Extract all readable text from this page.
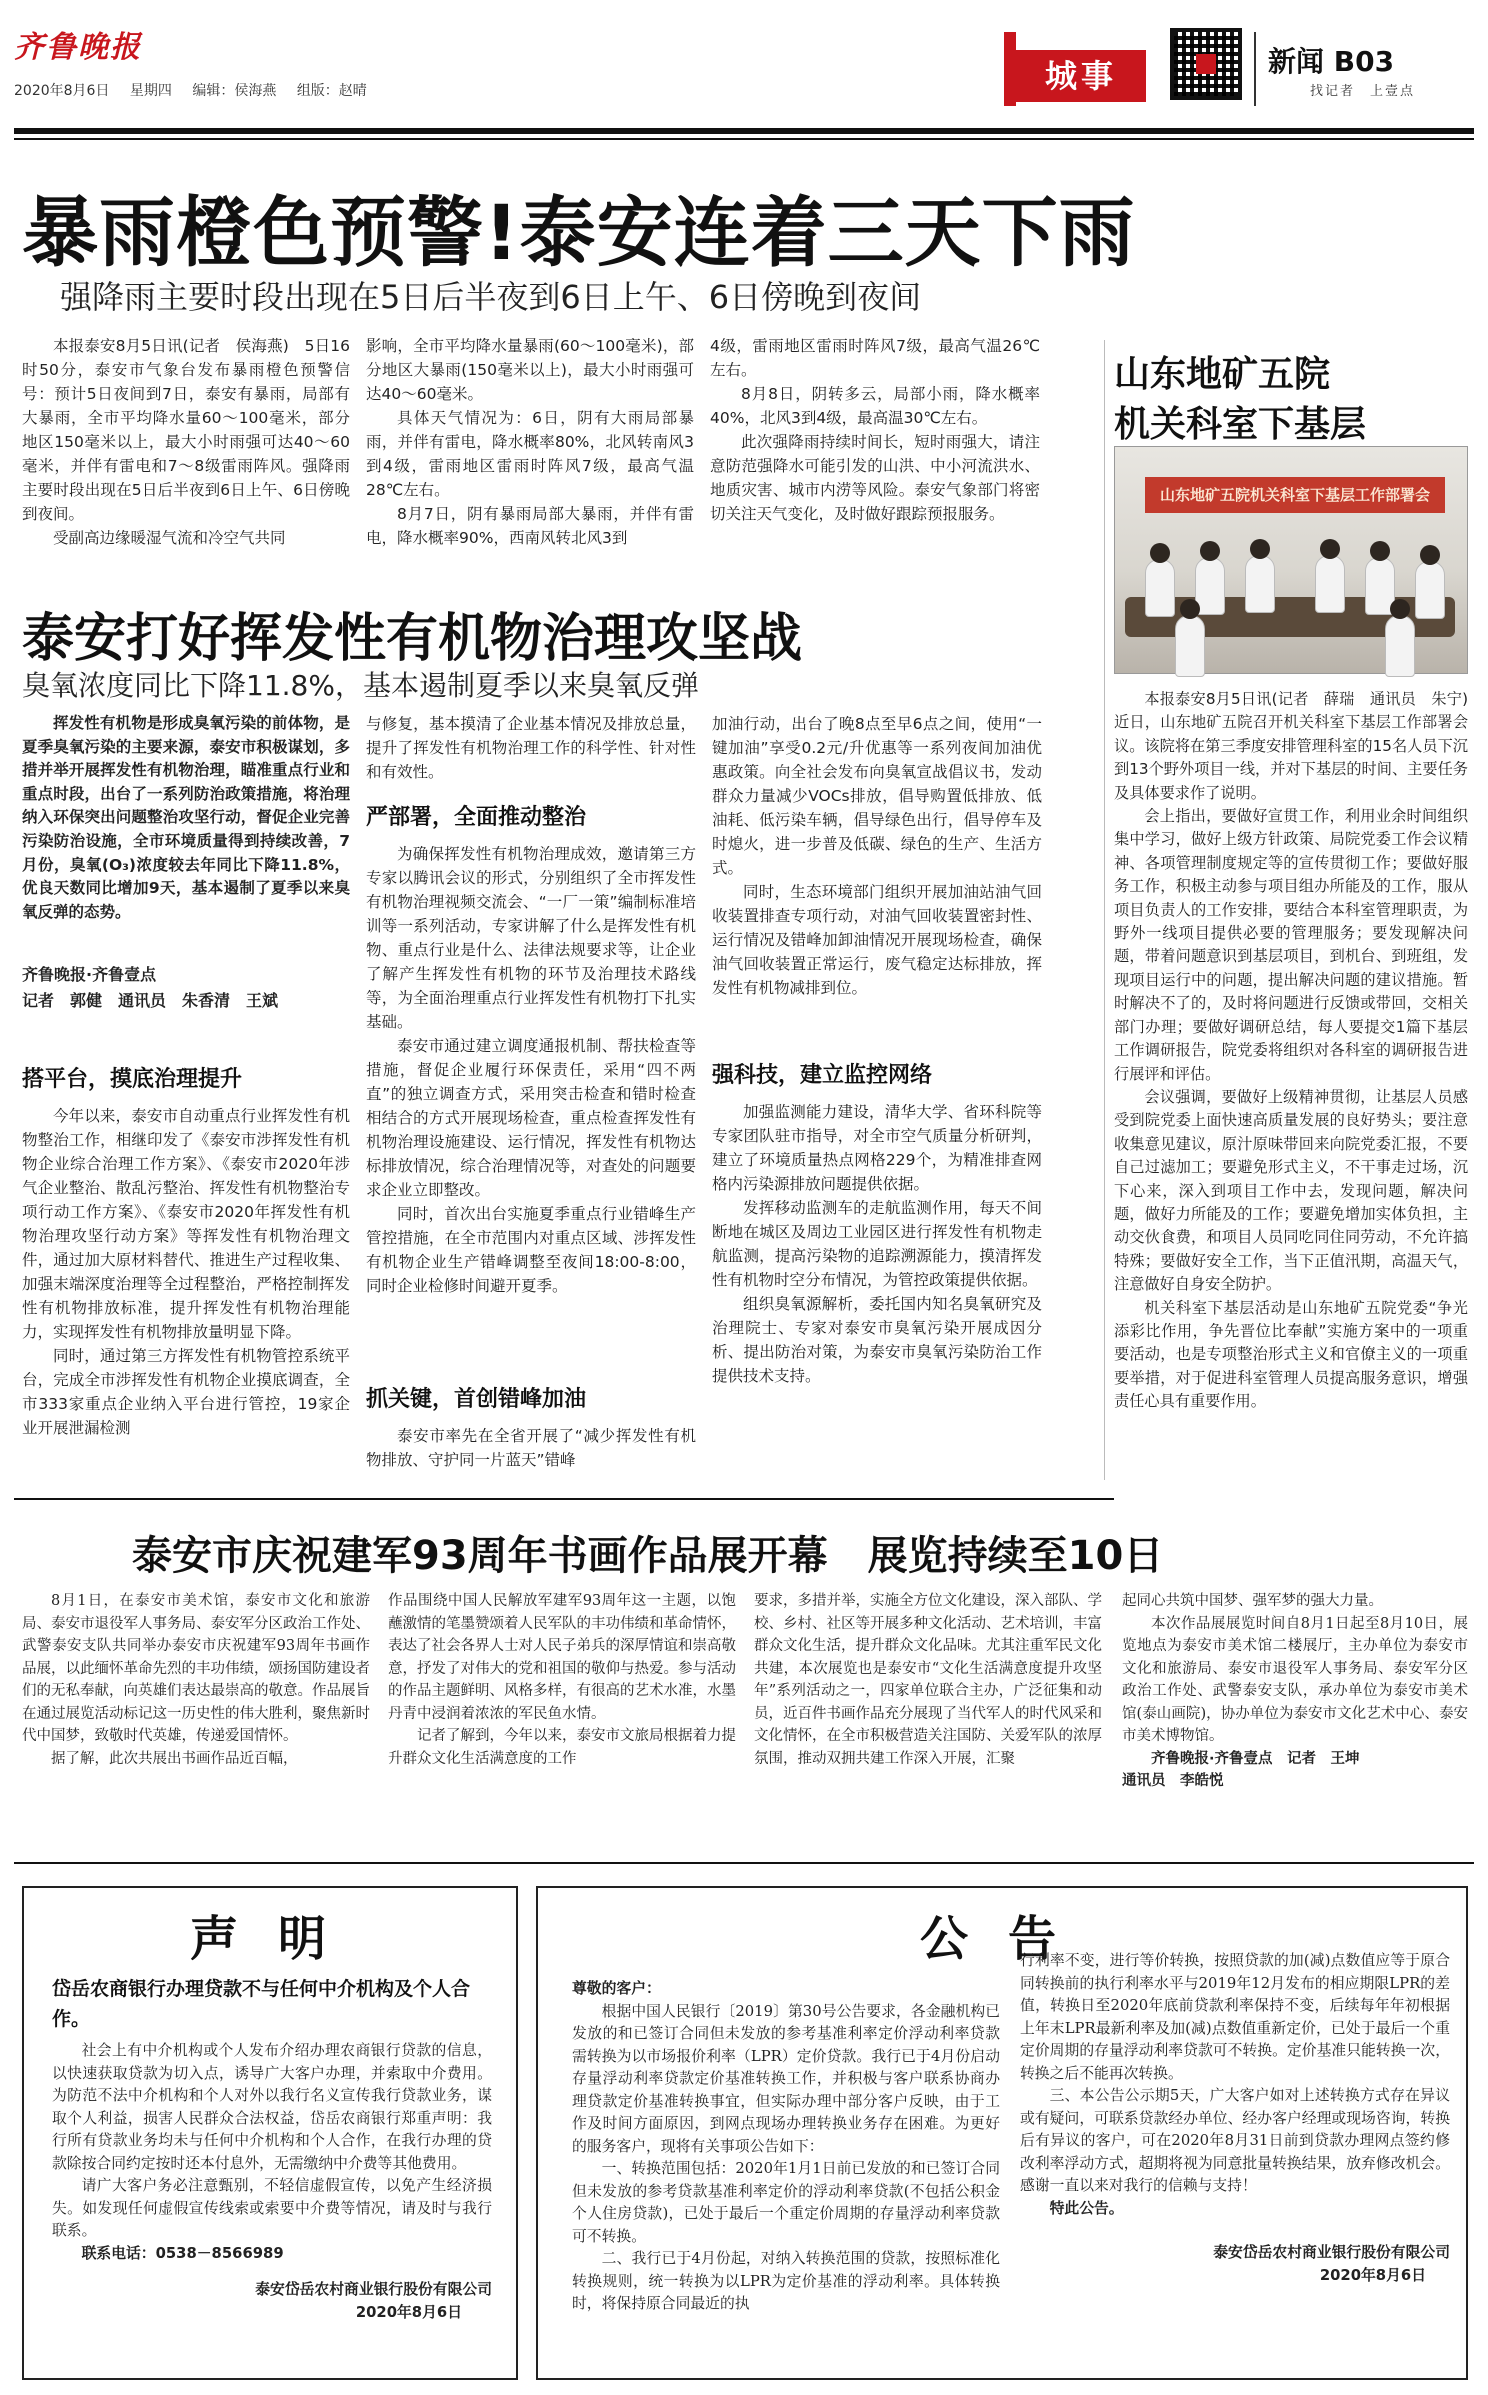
齐鲁晚报
2020年8月6日 星期四 编辑：侯海燕 组版：赵晴	城事	新闻 B03
找记者　上壹点
暴雨橙色预警!泰安连着三天下雨
强降雨主要时段出现在5日后半夜到6日上午、6日傍晚到夜间

本报泰安8月5日讯(记者　侯海燕)　5日16时50分，泰安市气象台发布暴雨橙色预警信号：预计5日夜间到7日，泰安有暴雨，局部有大暴雨，全市平均降水量60～100毫米，部分地区150毫米以上，最大小时雨强可达40～60毫米，并伴有雷电和7～8级雷雨阵风。强降雨主要时段出现在5日后半夜到6日上午、6日傍晚到夜间。

受副高边缘暖湿气流和冷空气共同

影响，全市平均降水量暴雨(60～100毫米)，部分地区大暴雨(150毫米以上)，最大小时雨强可达40～60毫米。

具体天气情况为：6日，阴有大雨局部暴雨，并伴有雷电，降水概率80%，北风转南风3到4级，雷雨地区雷雨时阵风7级，最高气温28℃左右。

8月7日，阴有暴雨局部大暴雨，并伴有雷电，降水概率90%，西南风转北风3到

4级，雷雨地区雷雨时阵风7级，最高气温26℃左右。

8月8日，阴转多云，局部小雨，降水概率40%，北风3到4级，最高温30℃左右。

此次强降雨持续时间长，短时雨强大，请注意防范强降水可能引发的山洪、中小河流洪水、地质灾害、城市内涝等风险。泰安气象部门将密切关注天气变化，及时做好跟踪预报服务。

山东地矿五院
机关科室下基层
山东地矿五院机关科室下基层工作部署会

本报泰安8月5日讯(记者　薛瑞　通讯员　朱宁)　近日，山东地矿五院召开机关科室下基层工作部署会议。该院将在第三季度安排管理科室的15名人员下沉到13个野外项目一线，并对下基层的时间、主要任务及具体要求作了说明。

会上指出，要做好宣贯工作，利用业余时间组织集中学习，做好上级方针政策、局院党委工作会议精神、各项管理制度规定等的宣传贯彻工作；要做好服务工作，积极主动参与项目组办所能及的工作，服从项目负责人的工作安排，要结合本科室管理职责，为野外一线项目提供必要的管理服务；要发现解决问题，带着问题意识到基层项目，到机台、到班组，发现项目运行中的问题，提出解决问题的建议措施。暂时解决不了的，及时将问题进行反馈或带回，交相关部门办理；要做好调研总结，每人要提交1篇下基层工作调研报告，院党委将组织对各科室的调研报告进行展评和评估。

会议强调，要做好上级精神贯彻，让基层人员感受到院党委上面快速高质量发展的良好势头；要注意收集意见建议，原汁原味带回来向院党委汇报，不要自己过滤加工；要避免形式主义，不干事走过场，沉下心来，深入到项目工作中去，发现问题，解决问题，做好力所能及的工作；要避免增加实体负担，主动交伙食费，和项目人员同吃同住同劳动，不允许搞特殊；要做好安全工作，当下正值汛期，高温天气，注意做好自身安全防护。

机关科室下基层活动是山东地矿五院党委“争光添彩比作用，争先晋位比奉献”实施方案中的一项重要活动，也是专项整治形式主义和官僚主义的一项重要举措，对于促进科室管理人员提高服务意识，增强责任心具有重要作用。

泰安打好挥发性有机物治理攻坚战
臭氧浓度同比下降11.8%，基本遏制夏季以来臭氧反弹

挥发性有机物是形成臭氧污染的前体物，是夏季臭氧污染的主要来源，泰安市积极谋划，多措并举开展挥发性有机物治理，瞄准重点行业和重点时段，出台了一系列防治政策措施，将治理纳入环保突出问题整治攻坚行动，督促企业完善污染防治设施，全市环境质量得到持续改善，7月份，臭氧(O₃)浓度较去年同比下降11.8%，优良天数同比增加9天，基本遏制了夏季以来臭氧反弹的态势。

齐鲁晚报·齐鲁壹点
记者　郭健　通讯员　朱香清　王斌
搭平台，摸底治理提升

今年以来，泰安市自动重点行业挥发性有机物整治工作，相继印发了《泰安市涉挥发性有机物企业综合治理工作方案》、《泰安市2020年涉气企业整治、散乱污整治、挥发性有机物整治专项行动工作方案》、《泰安市2020年挥发性有机物治理攻坚行动方案》等挥发性有机物治理文件，通过加大原材料替代、推进生产过程收集、加强末端深度治理等全过程整治，严格控制挥发性有机物排放标准，提升挥发性有机物治理能力，实现挥发性有机物排放量明显下降。

同时，通过第三方挥发性有机物管控系统平台，完成全市涉挥发性有机物企业摸底调查，全市333家重点企业纳入平台进行管控，19家企业开展泄漏检测

与修复，基本摸清了企业基本情况及排放总量，提升了挥发性有机物治理工作的科学性、针对性和有效性。

严部署，全面推动整治

为确保挥发性有机物治理成效，邀请第三方专家以腾讯会议的形式，分别组织了全市挥发性有机物治理视频交流会、“一厂一策”编制标准培训等一系列活动，专家讲解了什么是挥发性有机物、重点行业是什么、法律法规要求等，让企业了解产生挥发性有机物的环节及治理技术路线等，为全面治理重点行业挥发性有机物打下扎实基础。

泰安市通过建立调度通报机制、帮扶检查等措施，督促企业履行环保责任，采用“四不两直”的独立调查方式，采用突击检查和错时检查相结合的方式开展现场检查，重点检查挥发性有机物治理设施建设、运行情况，挥发性有机物达标排放情况，综合治理情况等，对查处的问题要求企业立即整改。

同时，首次出台实施夏季重点行业错峰生产管控措施，在全市范围内对重点区域、涉挥发性有机物企业生产错峰调整至夜间18:00-8:00，同时企业检修时间避开夏季。

抓关键，首创错峰加油

泰安市率先在全省开展了“减少挥发性有机物排放、守护同一片蓝天”错峰

加油行动，出台了晚8点至早6点之间，使用“一键加油”享受0.2元/升优惠等一系列夜间加油优惠政策。向全社会发布向臭氧宣战倡议书，发动群众力量减少VOCs排放，倡导购置低排放、低油耗、低污染车辆，倡导绿色出行，倡导停车及时熄火，进一步普及低碳、绿色的生产、生活方式。

同时，生态环境部门组织开展加油站油气回收装置排查专项行动，对油气回收装置密封性、运行情况及错峰加卸油情况开展现场检查，确保油气回收装置正常运行，废气稳定达标排放，挥发性有机物减排到位。

强科技，建立监控网络

加强监测能力建设，清华大学、省环科院等专家团队驻市指导，对全市空气质量分析研判，建立了环境质量热点网格229个，为精准排查网格内污染源排放问题提供依据。

发挥移动监测车的走航监测作用，每天不间断地在城区及周边工业园区进行挥发性有机物走航监测，提高污染物的追踪溯源能力，摸清挥发性有机物时空分布情况，为管控政策提供依据。

组织臭氧源解析，委托国内知名臭氧研究及治理院士、专家对泰安市臭氧污染开展成因分析、提出防治对策，为泰安市臭氧污染防治工作提供技术支持。

泰安市庆祝建军93周年书画作品展开幕　展览持续至10日

8月1日，在泰安市美术馆，泰安市文化和旅游局、泰安市退役军人事务局、泰安军分区政治工作处、武警泰安支队共同举办泰安市庆祝建军93周年书画作品展，以此缅怀革命先烈的丰功伟绩，颂扬国防建设者们的无私奉献，向英雄们表达最崇高的敬意。作品展旨在通过展览活动标记这一历史性的伟大胜利，聚焦新时代中国梦，致敬时代英雄，传递爱国情怀。

据了解，此次共展出书画作品近百幅，

作品围绕中国人民解放军建军93周年这一主题，以饱蘸激情的笔墨赞颂着人民军队的丰功伟绩和革命情怀，表达了社会各界人士对人民子弟兵的深厚情谊和崇高敬意，抒发了对伟大的党和祖国的敬仰与热爱。参与活动的作品主题鲜明、风格多样，有很高的艺术水准，水墨丹青中浸润着浓浓的军民鱼水情。

记者了解到，今年以来，泰安市文旅局根据着力提升群众文化生活满意度的工作

要求，多措并举，实施全方位文化建设，深入部队、学校、乡村、社区等开展多种文化活动、艺术培训，丰富群众文化生活，提升群众文化品味。尤其注重军民文化共建，本次展览也是泰安市“文化生活满意度提升攻坚年”系列活动之一，四家单位联合主办，广泛征集和动员，近百件书画作品充分展现了当代军人的时代风采和文化情怀，在全市积极营造关注国防、关爱军队的浓厚氛围，推动双拥共建工作深入开展，汇聚

起同心共筑中国梦、强军梦的强大力量。

本次作品展展览时间自8月1日起至8月10日，展览地点为泰安市美术馆二楼展厅，主办单位为泰安市文化和旅游局、泰安市退役军人事务局、泰安军分区政治工作处、武警泰安支队，承办单位为泰安市美术馆(泰山画院)，协办单位为泰安市文化艺术中心、泰安市美术博物馆。

齐鲁晚报·齐鲁壹点　记者　王坤

通讯员　李皓悦

声明
岱岳农商银行办理贷款不与任何中介机构及个人合作。

社会上有中介机构或个人发布介绍办理农商银行贷款的信息，以快速获取贷款为切入点，诱导广大客户办理，并索取中介费用。为防范不法中介机构和个人对外以我行名义宣传我行贷款业务，谋取个人利益，损害人民群众合法权益，岱岳农商银行郑重声明：我行所有贷款业务均未与任何中介机构和个人合作，在我行办理的贷款除按合同约定按时还本付息外，无需缴纳中介费等其他费用。

请广大客户务必注意甄别，不轻信虚假宣传，以免产生经济损失。如发现任何虚假宣传线索或索要中介费等情况，请及时与我行联系。

联系电话：0538－8566989

泰安岱岳农村商业银行股份有限公司

2020年8月6日

公告

尊敬的客户：

根据中国人民银行〔2019〕第30号公告要求，各金融机构已发放的和已签订合同但未发放的参考基准利率定价浮动利率贷款需转换为以市场报价利率（LPR）定价贷款。我行已于4月份启动存量浮动利率贷款定价基准转换工作，并积极与客户联系协商办理贷款定价基准转换事宜，但实际办理中部分客户反映，由于工作及时间方面原因，到网点现场办理转换业务存在困难。为更好的服务客户，现将有关事项公告如下：

一、转换范围包括：2020年1月1日前已发放的和已签订合同但未发放的参考贷款基准利率定价的浮动利率贷款(不包括公积金个人住房贷款)，已处于最后一个重定价周期的存量浮动利率贷款可不转换。

二、我行已于4月份起，对纳入转换范围的贷款，按照标准化转换规则，统一转换为以LPR为定价基准的浮动利率。具体转换时，将保持原合同最近的执

行利率不变，进行等价转换，按照贷款的加(减)点数值应等于原合同转换前的执行利率水平与2019年12月发布的相应期限LPR的差值，转换日至2020年底前贷款利率保持不变，后续每年年初根据上年末LPR最新利率及加(减)点数值重新定价，已处于最后一个重定价周期的存量浮动利率贷款可不转换。定价基准只能转换一次，转换之后不能再次转换。

三、本公告公示期5天，广大客户如对上述转换方式存在异议或有疑问，可联系贷款经办单位、经办客户经理或现场咨询，转换后有异议的客户，可在2020年8月31日前到贷款办理网点签约修改利率浮动方式，超期将视为同意批量转换结果，放弃修改机会。感谢一直以来对我行的信赖与支持！

特此公告。

泰安岱岳农村商业银行股份有限公司

2020年8月6日
